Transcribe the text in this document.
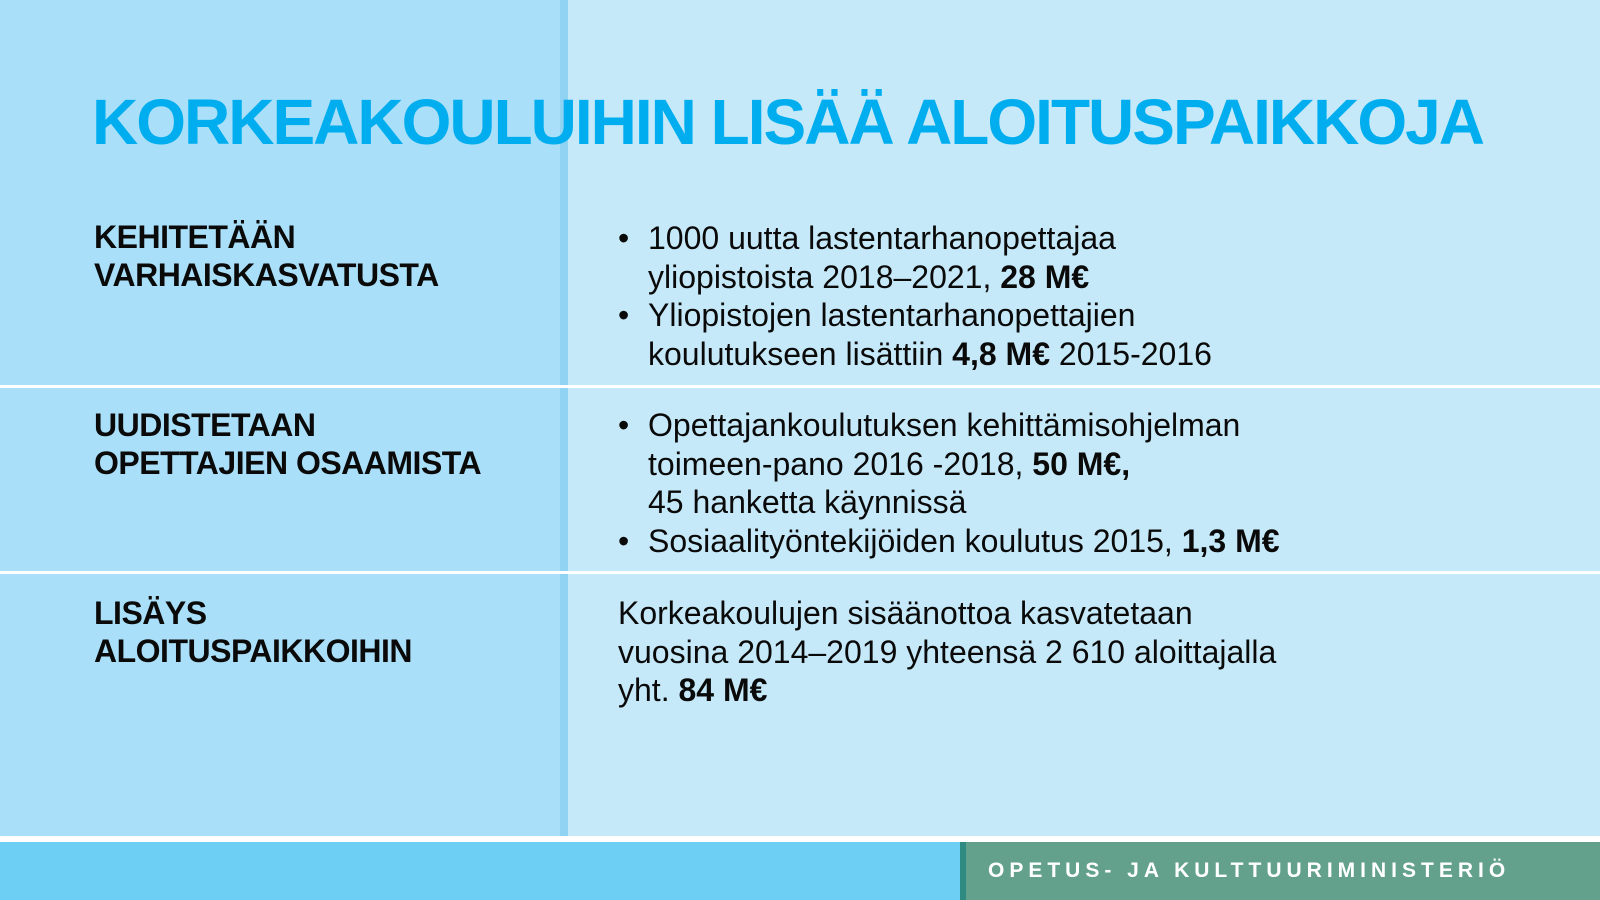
KORKEAKOULUIHIN LISÄÄ ALOITUSPAIKKOJA
KEHITETÄÄN
VARHAISKASVATUSTA
• 1000 uutta lastentarhanopettajaa
yliopistoista 2018–2021, 28 M€
• Yliopistojen lastentarhanopettajien
koulutukseen lisättiin 4,8 M€ 2015-2016
UUDISTETAAN
OPETTAJIEN OSAAMISTA
• Opettajankoulutuksen kehittämisohjelman
toimeen-pano 2016 -2018, 50 M€,
45 hanketta käynnissä
• Sosiaalityöntekijöiden koulutus 2015, 1,3 M€
LISÄYS
ALOITUSPAIKKOIHIN
Korkeakoulujen sisäänottoa kasvatetaan
vuosina 2014–2019 yhteensä 2 610 aloittajalla
yht. 84 M€
OPETUS- JA KULTTUURIMINISTERIÖ
